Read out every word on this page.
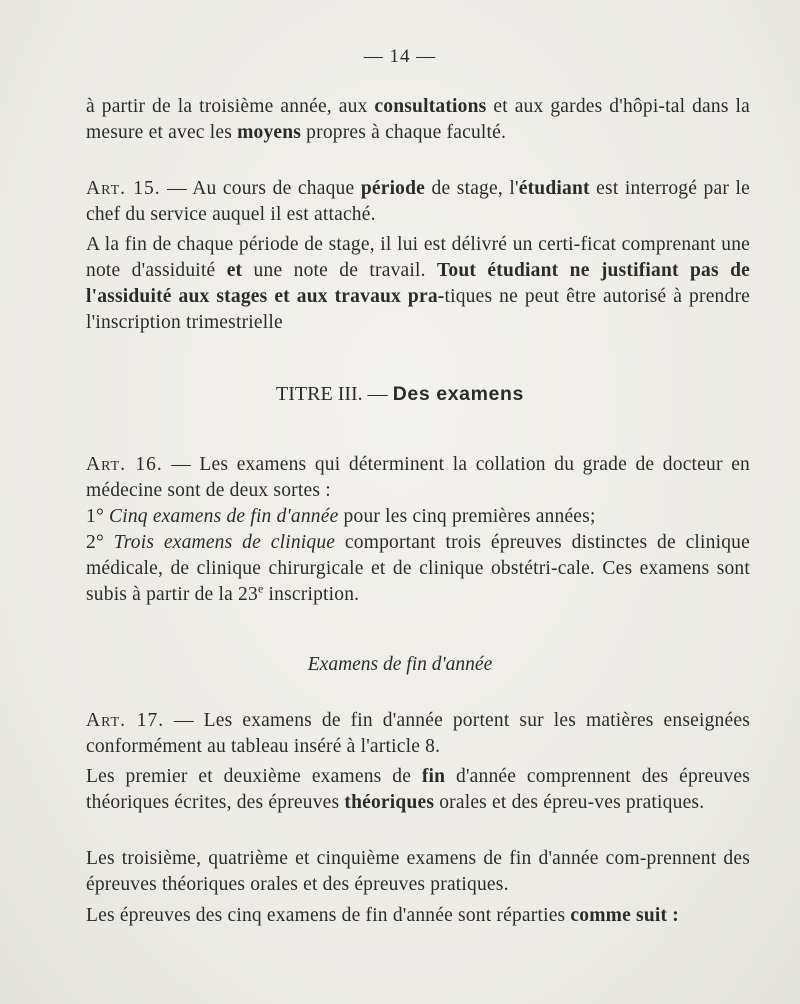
— 14 —
à partir de la troisième année, aux consultations et aux gardes d'hôpi-tal dans la mesure et avec les moyens propres à chaque faculté.
Art. 15. — Au cours de chaque période de stage, l'étudiant est interrogé par le chef du service auquel il est attaché.
A la fin de chaque période de stage, il lui est délivré un certi-ficat comprenant une note d'assiduité et une note de travail. Tout étudiant ne justifiant pas de l'assiduité aux stages et aux travaux pra-tiques ne peut être autorisé à prendre l'inscription trimestrielle
TITRE III. — Des examens
Art. 16. — Les examens qui déterminent la collation du grade de docteur en médecine sont de deux sortes :
1° Cinq examens de fin d'année pour les cinq premières années;
2° Trois examens de clinique comportant trois épreuves distinctes de clinique médicale, de clinique chirurgicale et de clinique obstétri-cale. Ces examens sont subis à partir de la 23e inscription.
Examens de fin d'année
Art. 17. — Les examens de fin d'année portent sur les matières enseignées conformément au tableau inséré à l'article 8.
Les premier et deuxième examens de fin d'année comprennent des épreuves théoriques écrites, des épreuves théoriques orales et des épreu-ves pratiques.
Les troisième, quatrième et cinquième examens de fin d'année com-prennent des épreuves théoriques orales et des épreuves pratiques.
Les épreuves des cinq examens de fin d'année sont réparties comme suit :
